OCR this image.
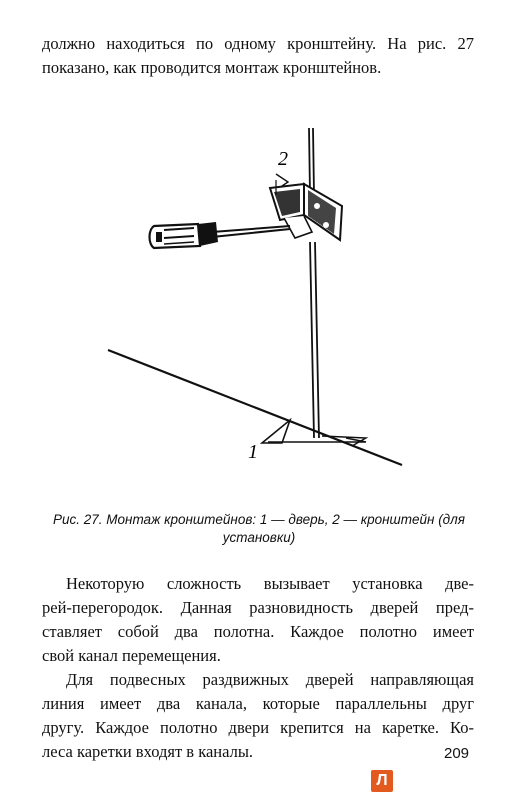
должно находиться по одному кронштейну. На рис. 27
показано, как проводится монтаж кронштейнов.

2
1

Рис. 27. Монтаж кронштейнов: 1 — дверь, 2 — кронштейн (для
установки)

Некоторую сложность вызывает установка две-
рей-перегородок. Данная разновидность дверей пред-
ставляет собой два полотна. Каждое полотно имеет
свой канал перемещения.

Для подвесных раздвижных дверей направляющая
линия имеет два канала, которые параллельны друг
другу. Каждое полотно двери крепится на каретке. Ко-
леса каретки входят в каналы.	209
Л
